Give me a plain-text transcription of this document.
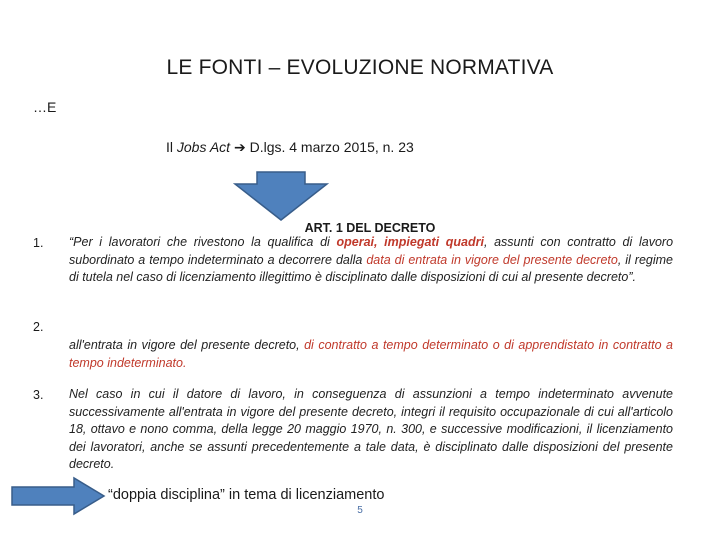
LE FONTI – EVOLUZIONE NORMATIVA
…E
Il Jobs Act ➔ D.lgs. 4 marzo 2015, n. 23
ART. 1 DEL DECRETO
1. “Per i lavoratori che rivestono la qualifica di operai, impiegati quadri, assunti con contratto di lavoro subordinato a tempo indeterminato a decorrere dalla data di entrata in vigore del presente decreto, il regime di tutela nel caso di licenziamento illegittimo è disciplinato dalle disposizioni di cui al presente decreto”.
2.
all'entrata in vigore del presente decreto, di contratto a tempo determinato o di apprendistato in contratto a tempo indeterminato.
3. Nel caso in cui il datore di lavoro, in conseguenza di assunzioni a tempo indeterminato avvenute successivamente all'entrata in vigore del presente decreto, integri il requisito occupazionale di cui all'articolo 18, ottavo e nono comma, della legge 20 maggio 1970, n. 300, e successive modificazioni, il licenziamento dei lavoratori, anche se assunti precedentemente a tale data, è disciplinato dalle disposizioni del presente decreto.
“doppia disciplina” in tema di licenziamento
5
